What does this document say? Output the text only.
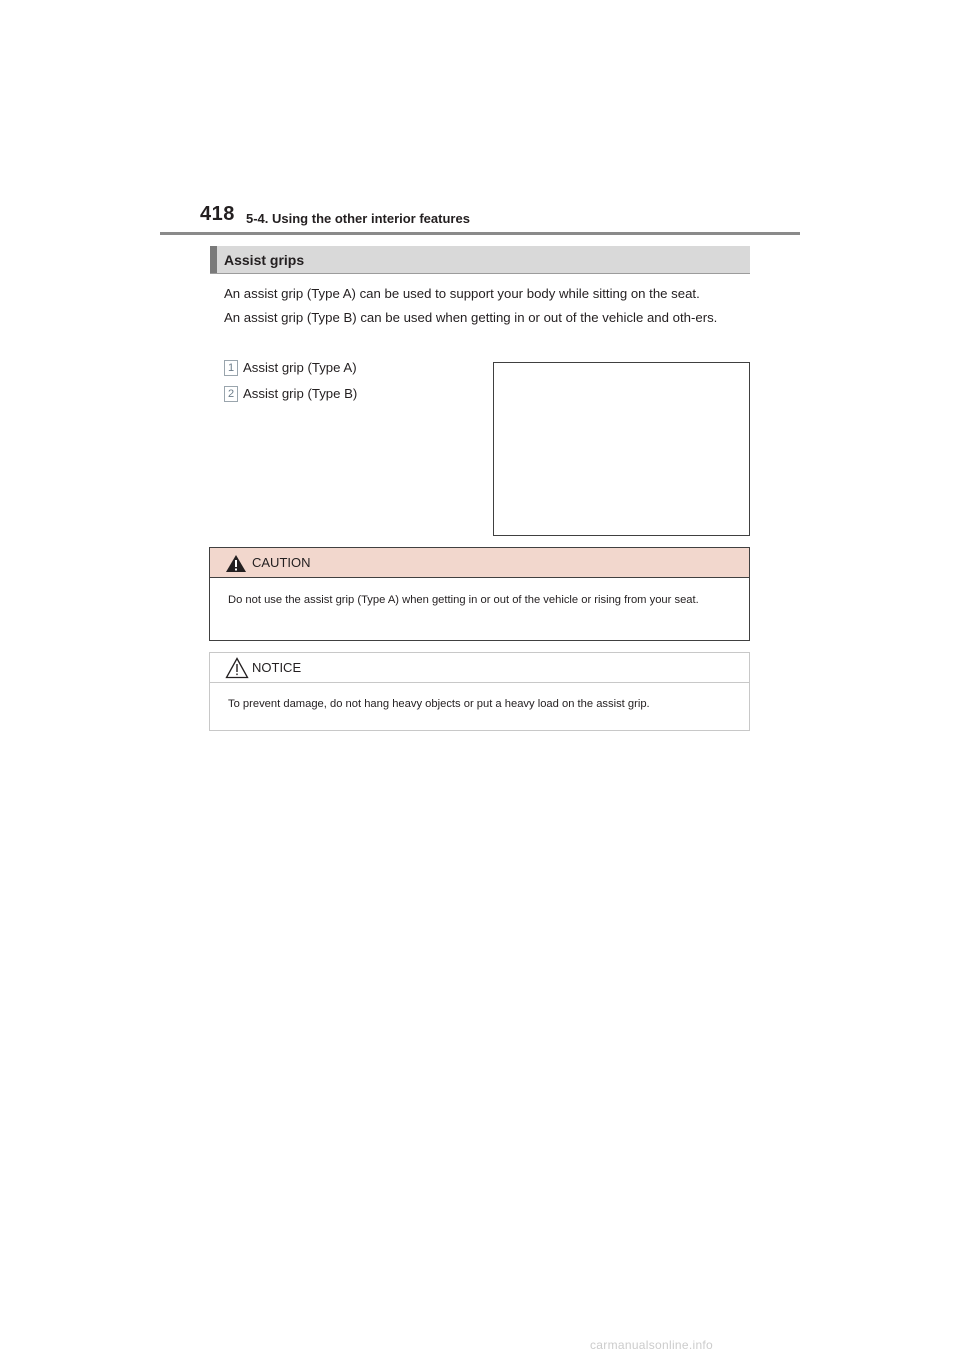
418 5-4. Using the other interior features
Assist grips
An assist grip (Type A) can be used to support your body while sitting on the seat.
An assist grip (Type B) can be used when getting in or out of the vehicle and oth-ers.
1 Assist grip (Type A)
2 Assist grip (Type B)
CAUTION
Do not use the assist grip (Type A) when getting in or out of the vehicle or rising from your seat.
NOTICE
To prevent damage, do not hang heavy objects or put a heavy load on the assist grip.
carmanualsonline.info
